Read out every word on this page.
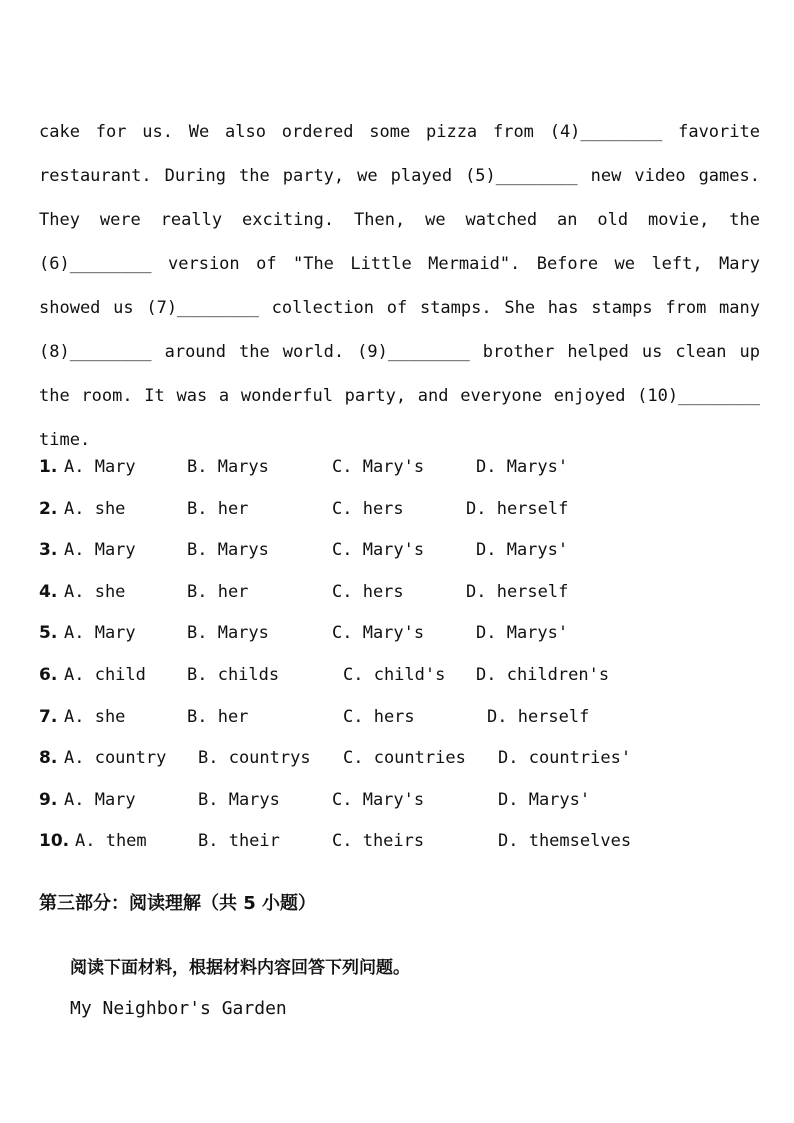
cake for us. We also ordered some pizza from (4)________ favorite
restaurant. During the party, we played (5)________ new video games.
They were really exciting. Then, we watched an old movie, the
(6)________ version of "The Little Mermaid". Before we left, Mary
showed us (7)________ collection of stamps. She has stamps from many
(8)________ around the world. (9)________ brother helped us clean up
the room. It was a wonderful party, and everyone enjoyed (10)________
time.
1. A. Mary	B. Marys	C. Mary's	D. Marys'
2. A. she	B. her	C. hers	D. herself
3. A. Mary	B. Marys	C. Mary's	D. Marys'
4. A. she	B. her	C. hers	D. herself
5. A. Mary	B. Marys	C. Mary's	D. Marys'
6. A. child B. childs	C. child's D. children's
7. A. she	B. her	C. hers	D. herself
8. A. country B. countrys C. countries D. countries'
9. A. Mary	B. Marys	C. Mary's	D. Marys'
10. A. them	B. their	C. theirs	D. themselves
第三部分：阅读理解（共 5 小题）
阅读下面材料，根据材料内容回答下列问题。
My Neighbor's Garden
